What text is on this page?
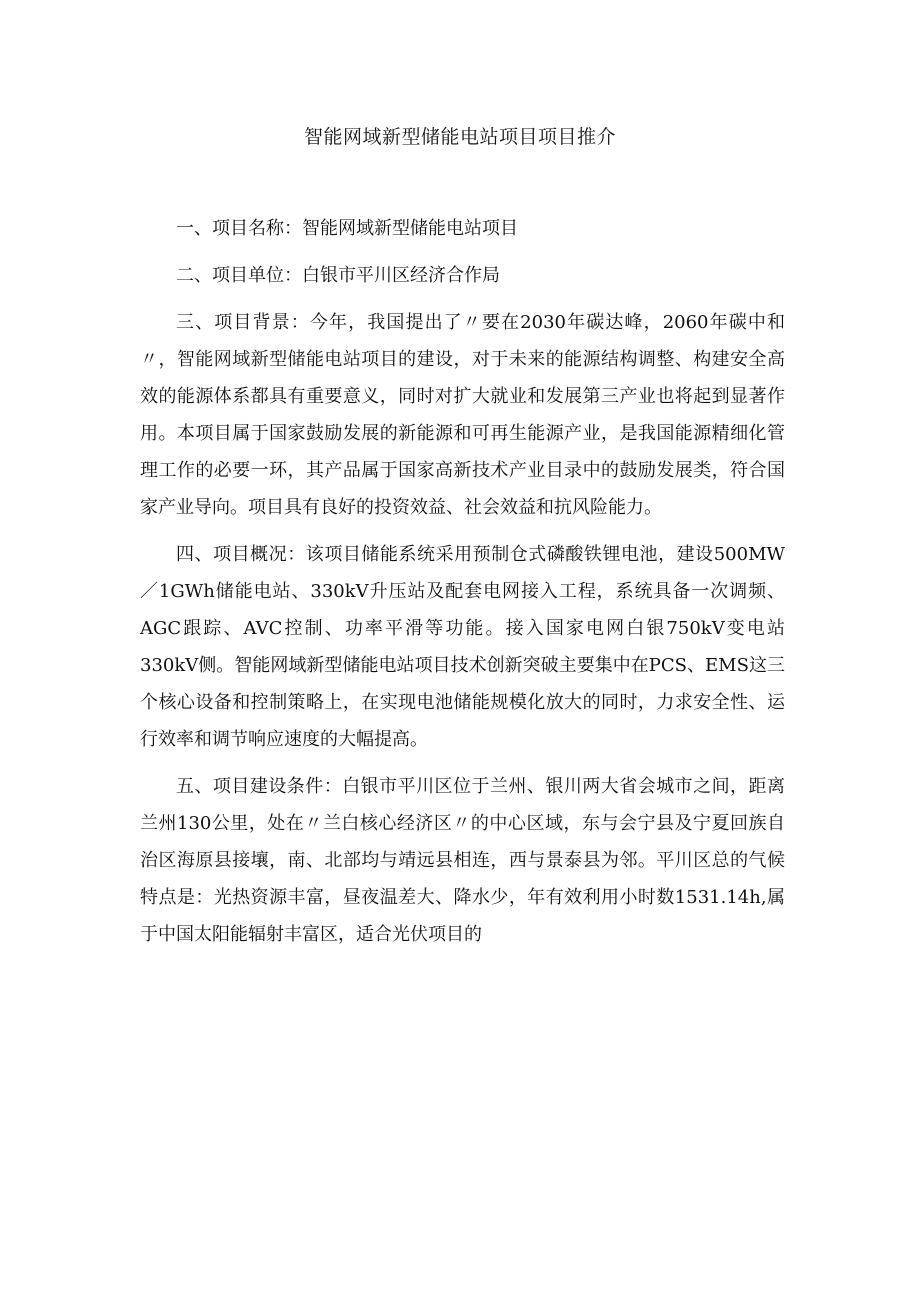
智能网域新型储能电站项目项目推介

一、项目名称：智能网域新型储能电站项目

二、项目单位：白银市平川区经济合作局

三、项目背景：今年，我国提出了〃要在2030年碳达峰，2060年碳中和〃，智能网域新型储能电站项目的建设，对于未来的能源结构调整、构建安全高效的能源体系都具有重要意义，同时对扩大就业和发展第三产业也将起到显著作用。本项目属于国家鼓励发展的新能源和可再生能源产业，是我国能源精细化管理工作的必要一环，其产品属于国家高新技术产业目录中的鼓励发展类，符合国家产业导向。项目具有良好的投资效益、社会效益和抗风险能力。

四、项目概况：该项目储能系统采用预制仓式磷酸铁锂电池，建设500MW／1GWh储能电站、330kV升压站及配套电网接入工程，系统具备一次调频、AGC跟踪、AVC控制、功率平滑等功能。接入国家电网白银750kV变电站330kV侧。智能网域新型储能电站项目技术创新突破主要集中在PCS、EMS这三个核心设备和控制策略上，在实现电池储能规模化放大的同时，力求安全性、运行效率和调节响应速度的大幅提高。

五、项目建设条件：白银市平川区位于兰州、银川两大省会城市之间，距离兰州130公里，处在〃兰白核心经济区〃的中心区域，东与会宁县及宁夏回族自治区海原县接壤，南、北部均与靖远县相连，西与景泰县为邻。平川区总的气候特点是：光热资源丰富，昼夜温差大、降水少，年有效利用小时数1531.14h,属于中国太阳能辐射丰富区，适合光伏项目的
